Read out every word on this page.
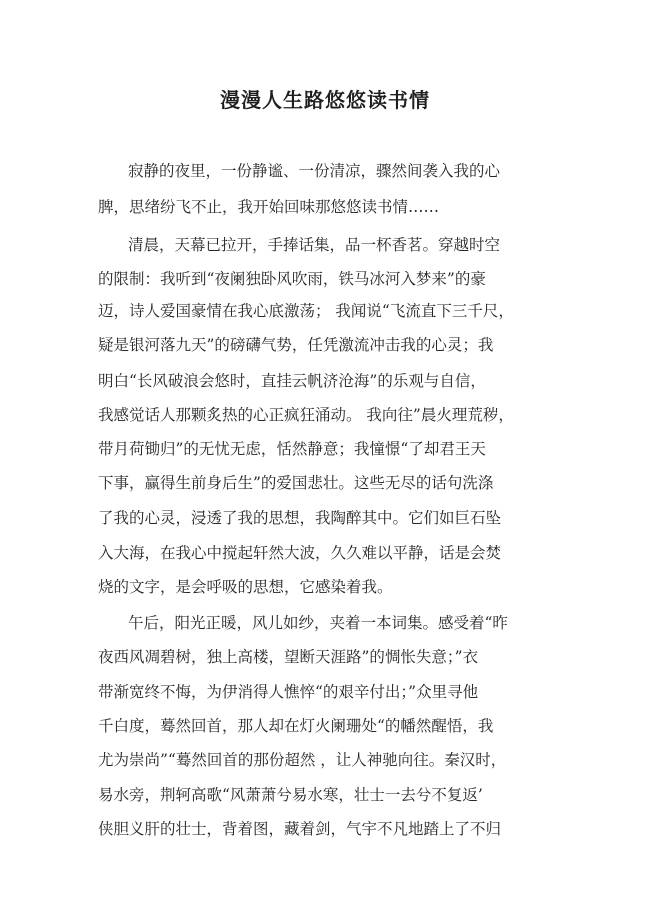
漫漫人生路悠悠读书情
寂静的夜里，一份静谧、一份清凉，骤然间袭入我的心
脾，思绪纷飞不止，我开始回味那悠悠读书情……
清晨，天幕已拉开，手捧话集，品一杯香茗。穿越时空
的限制：我听到“夜阑独卧风吹雨，铁马冰河入梦来”的豪
迈，诗人爱国豪情在我心底激荡； 我闻说“飞流直下三千尺，
疑是银河落九天”的磅礴气势，任凭激流冲击我的心灵；我
明白“长风破浪会悠时，直挂云帆济沧海”的乐观与自信，
我感觉话人那颗炙热的心正疯狂涌动。 我向往”晨火理荒秽，
带月荷锄归”的无忧无虑，恬然静意；我憧憬“了却君王天
下事，赢得生前身后生”的爱国悲壮。这些无尽的话句洗涤
了我的心灵，浸透了我的思想，我陶醉其中。它们如巨石坠
入大海，在我心中搅起轩然大波，久久难以平静，话是会焚
烧的文字，是会呼吸的思想，它感染着我。
午后，阳光正暖，风儿如纱，夹着一本词集。感受着“昨
夜西风凋碧树，独上高楼，望断天涯路”的惆怅失意；”衣
带渐宽终不悔，为伊消得人憔悴“的艰辛付出；”众里寻他
千白度，蓦然回首，那人却在灯火阑珊处“的幡然醒悟，我
尤为崇尚”“蓦然回首的那份超然 ，让人神驰向往。秦汉时，
易水旁，荆轲高歌“风萧萧兮易水寒，壮士一去兮不复返’
侠胆义肝的壮士，背着图，藏着剑，气宇不凡地踏上了不归
